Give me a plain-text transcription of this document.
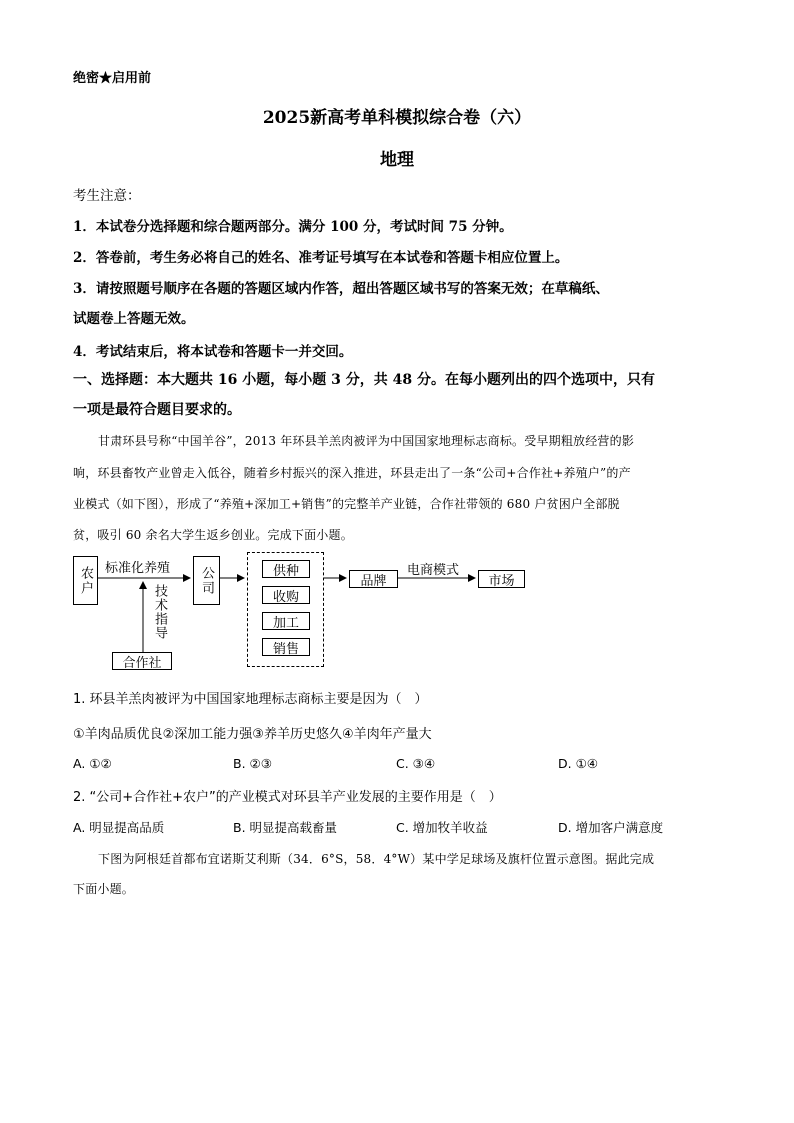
绝密★启用前
2025新高考单科模拟综合卷（六）
地理
考生注意：
1．本试卷分选择题和综合题两部分。满分 100 分，考试时间 75 分钟。
2．答卷前，考生务必将自己的姓名、准考证号填写在本试卷和答题卡相应位置上。
3．请按照题号顺序在各题的答题区域内作答，超出答题区域书写的答案无效；在草稿纸、
试题卷上答题无效。
4．考试结束后，将本试卷和答题卡一并交回。
一、选择题：本大题共 16 小题，每小题 3 分，共 48 分。在每小题列出的四个选项中，只有
一项是最符合题目要求的。
甘肃环县号称“中国羊谷”，2013 年环县羊羔肉被评为中国国家地理标志商标。受早期粗放经营的影
响，环县畜牧产业曾走入低谷，随着乡村振兴的深入推进，环县走出了一条“公司+合作社+养殖户”的产
业模式（如下图），形成了“养殖+深加工+销售”的完整羊产业链，合作社带领的 680 户贫困户全部脱
贫，吸引 60 余名大学生返乡创业。完成下面小题。
农户 标准化养殖	公司
技术指导
合作社
供种
收购
加工
销售
品牌
电商模式
市场
1. 环县羊羔肉被评为中国国家地理标志商标主要是因为（　）
①羊肉品质优良②深加工能力强③养羊历史悠久④羊肉年产量大
A. ①②	B. ②③	C. ③④	D. ①④
2. “公司+合作社+农户”的产业模式对环县羊产业发展的主要作用是（　）
A. 明显提高品质	B. 明显提高载畜量	C. 增加牧羊收益	D. 增加客户满意度
下图为阿根廷首都布宜诺斯艾利斯（34．6°S，58．4°W）某中学足球场及旗杆位置示意图。据此完成
下面小题。
